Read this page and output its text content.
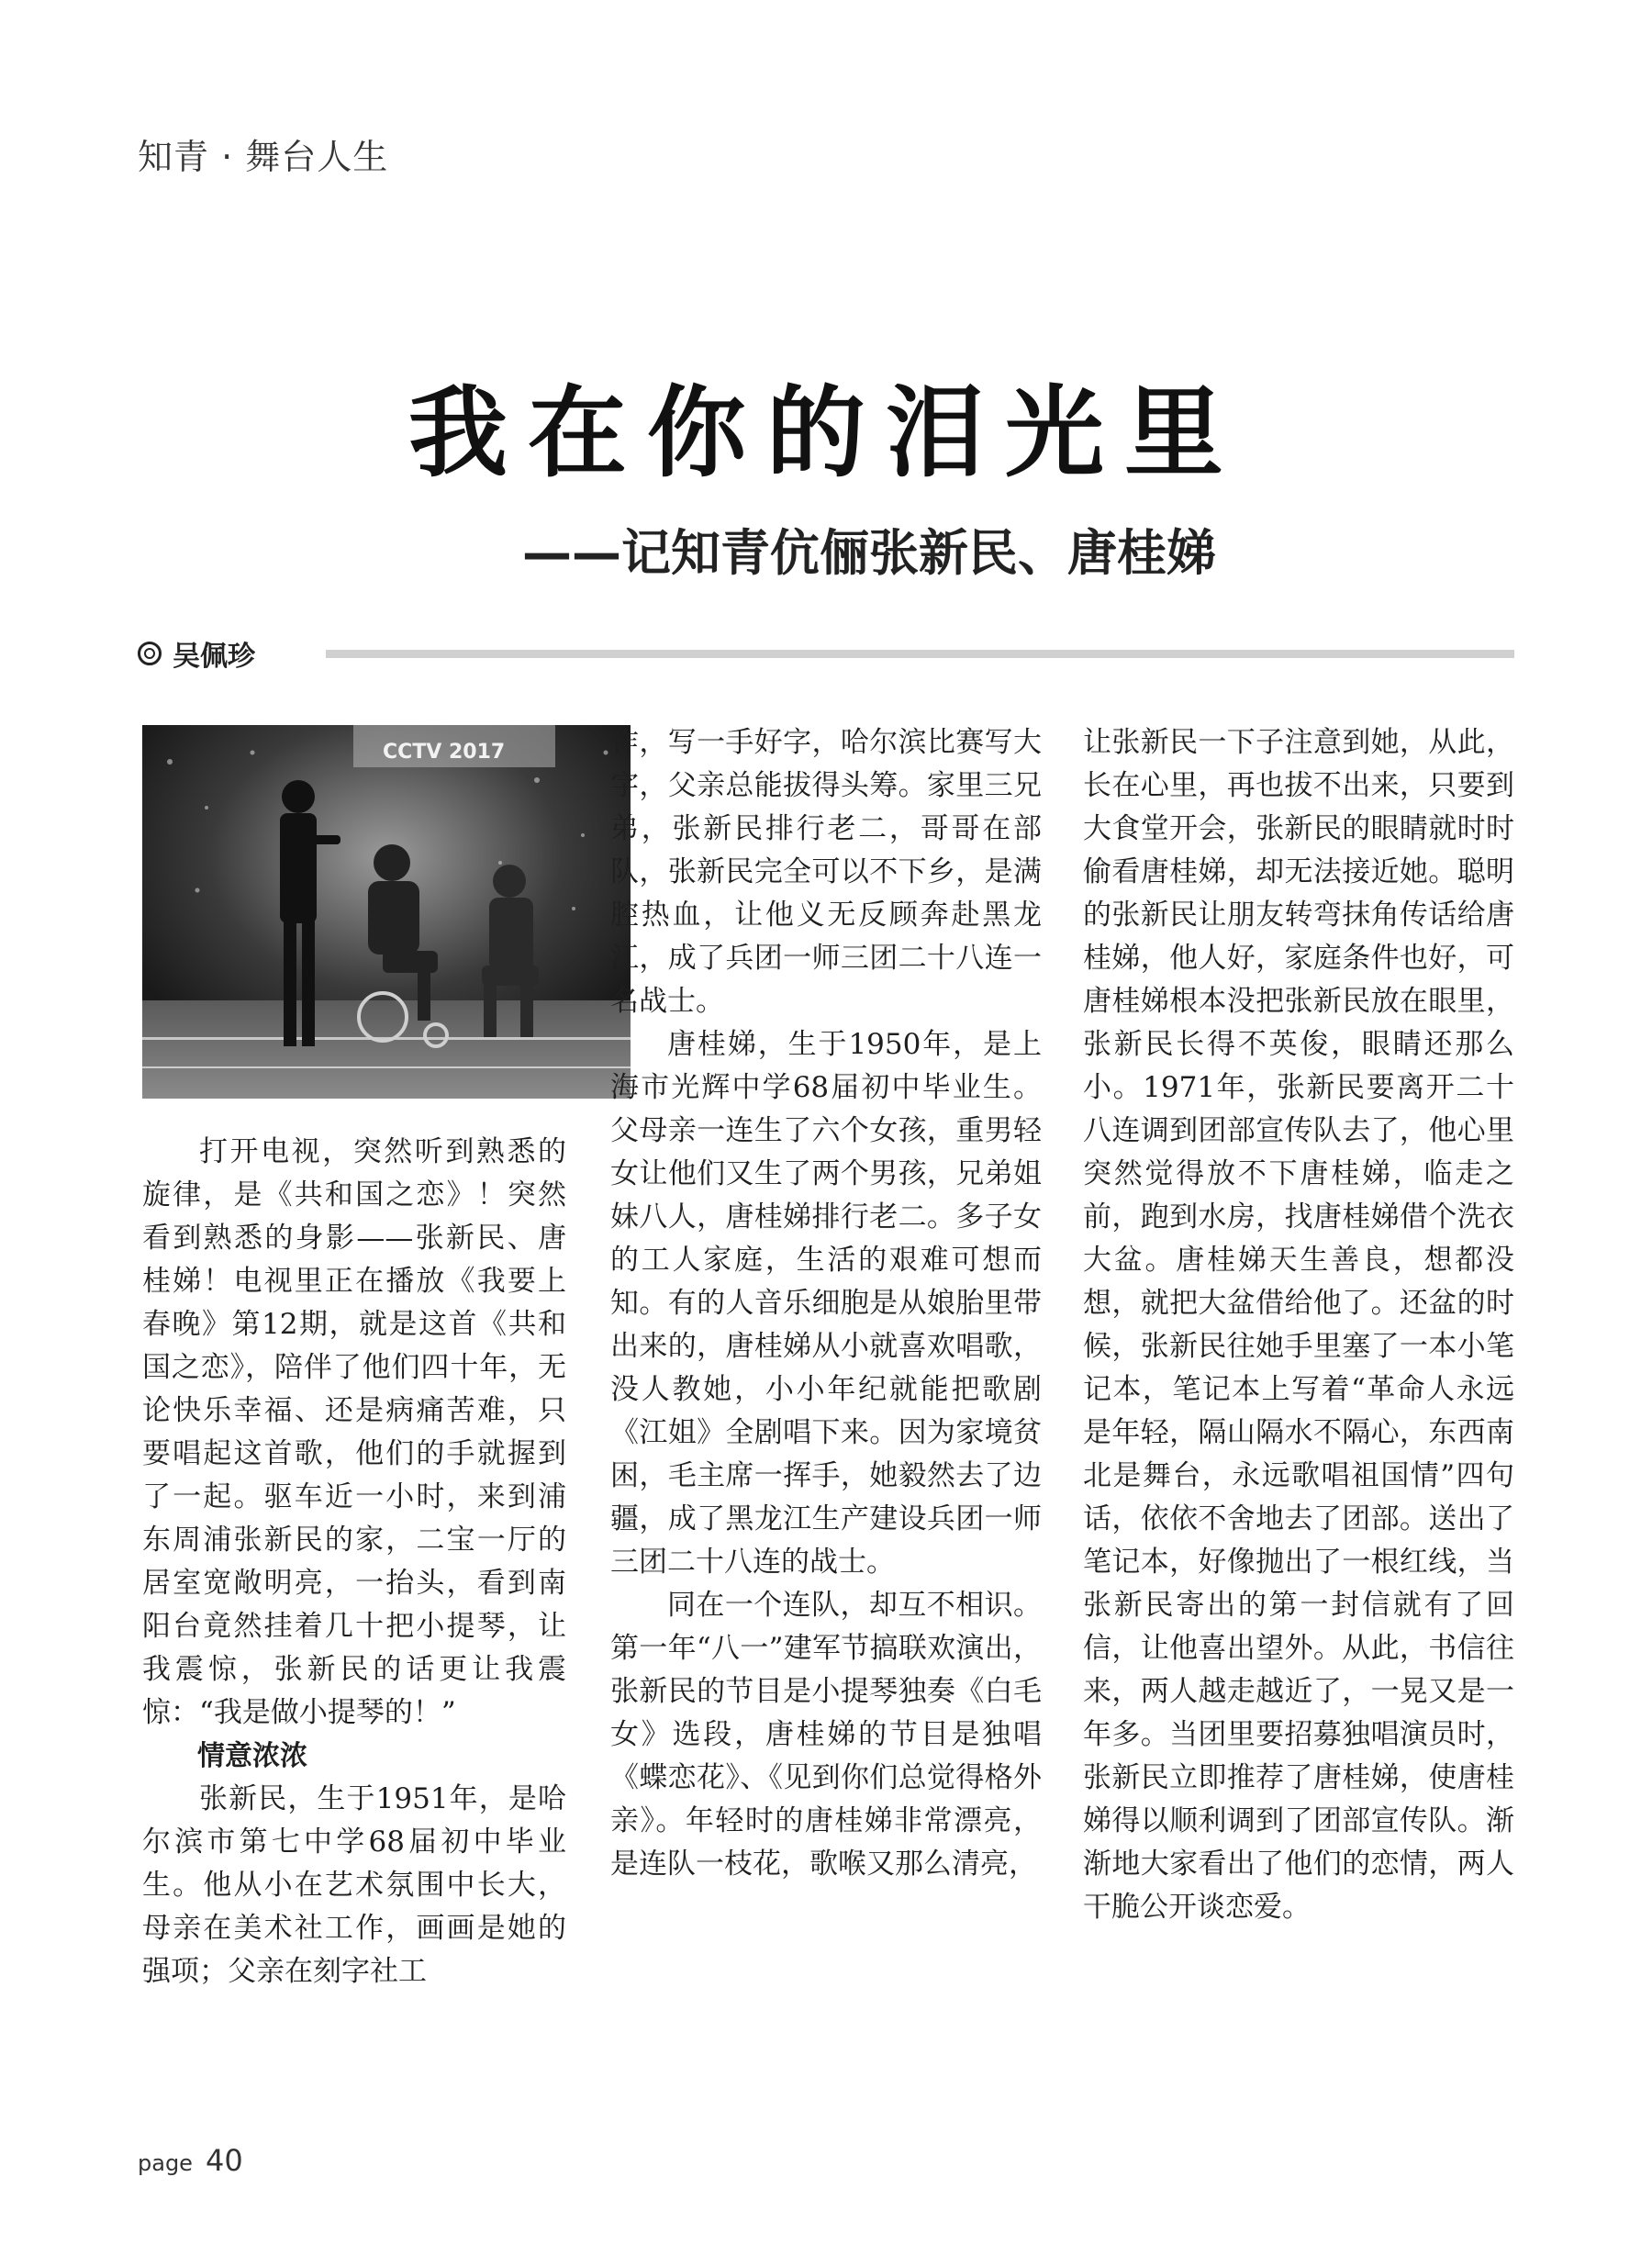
知青 · 舞台人生
我在你的泪光里
——记知青伉俪张新民、唐桂娣
吴佩珍
CCTV 2017

打开电视，突然听到熟悉的旋律，是《共和国之恋》！突然看到熟悉的身影——张新民、唐桂娣！电视里正在播放《我要上春晚》第12期，就是这首《共和国之恋》，陪伴了他们四十年，无论快乐幸福、还是病痛苦难，只要唱起这首歌，他们的手就握到了一起。驱车近一小时，来到浦东周浦张新民的家，二宝一厅的居室宽敞明亮，一抬头，看到南阳台竟然挂着几十把小提琴，让我震惊，张新民的话更让我震惊：“我是做小提琴的！”

情意浓浓

张新民，生于1951年，是哈尔滨市第七中学68届初中毕业生。他从小在艺术氛围中长大，母亲在美术社工作，画画是她的强项；父亲在刻字社工

作，写一手好字，哈尔滨比赛写大字，父亲总能拔得头筹。家里三兄弟，张新民排行老二，哥哥在部队，张新民完全可以不下乡，是满腔热血，让他义无反顾奔赴黑龙江，成了兵团一师三团二十八连一名战士。

唐桂娣，生于1950年，是上海市光辉中学68届初中毕业生。父母亲一连生了六个女孩，重男轻女让他们又生了两个男孩，兄弟姐妹八人，唐桂娣排行老二。多子女的工人家庭，生活的艰难可想而知。有的人音乐细胞是从娘胎里带出来的，唐桂娣从小就喜欢唱歌，没人教她，小小年纪就能把歌剧《江姐》全剧唱下来。因为家境贫困，毛主席一挥手，她毅然去了边疆，成了黑龙江生产建设兵团一师三团二十八连的战士。

同在一个连队，却互不相识。第一年“八一”建军节搞联欢演出，张新民的节目是小提琴独奏《白毛女》选段，唐桂娣的节目是独唱《蝶恋花》、《见到你们总觉得格外亲》。年轻时的唐桂娣非常漂亮，是连队一枝花，歌喉又那么清亮，

让张新民一下子注意到她，从此，长在心里，再也拔不出来，只要到大食堂开会，张新民的眼睛就时时偷看唐桂娣，却无法接近她。聪明的张新民让朋友转弯抹角传话给唐桂娣，他人好，家庭条件也好，可唐桂娣根本没把张新民放在眼里，张新民长得不英俊，眼睛还那么小。1971年，张新民要离开二十八连调到团部宣传队去了，他心里突然觉得放不下唐桂娣，临走之前，跑到水房，找唐桂娣借个洗衣大盆。唐桂娣天生善良，想都没想，就把大盆借给他了。还盆的时候，张新民往她手里塞了一本小笔记本，笔记本上写着“革命人永远是年轻，隔山隔水不隔心，东西南北是舞台，永远歌唱祖国情”四句话，依依不舍地去了团部。送出了笔记本，好像抛出了一根红线，当张新民寄出的第一封信就有了回信，让他喜出望外。从此，书信往来，两人越走越近了，一晃又是一年多。当团里要招募独唱演员时，张新民立即推荐了唐桂娣，使唐桂娣得以顺利调到了团部宣传队。渐渐地大家看出了他们的恋情，两人干脆公开谈恋爱。

page 40
